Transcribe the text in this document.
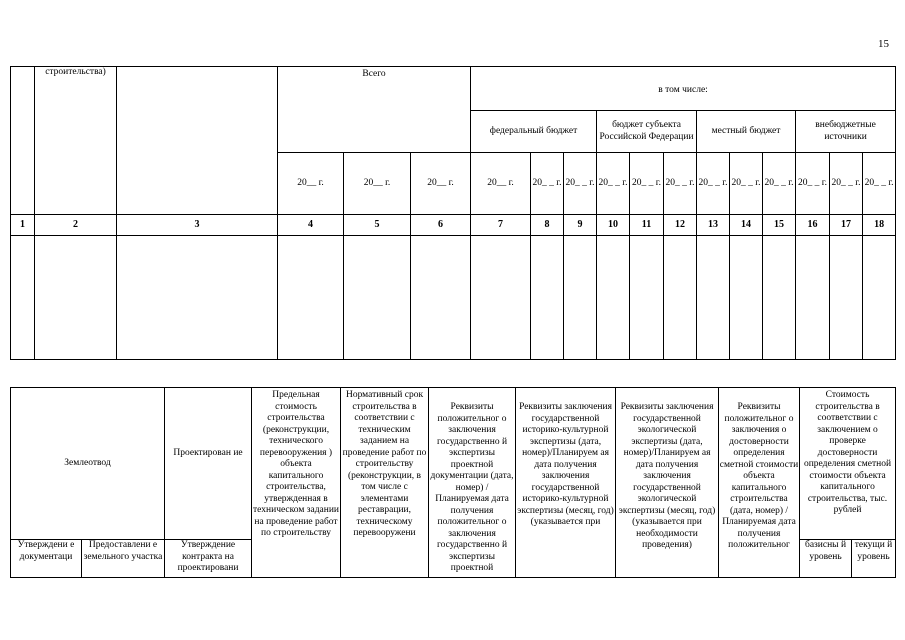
15
	строительства)		Всего			в том числе:											
						федеральный бюджет			бюджет субъекта Российской Федерации			местный бюджет			внебюджетные источники		
			20__ г.	20__ г.	20__ г.	20__ г.	20_ _ г.	20_ _ г.	20_ _ г.	20_ _ г.	20_ _ г.	20_ _ г.	20_ _ г.	20_ _ г.	20_ _ г.	20_ _ г.	20_ _ г.
1	2	3	4	5	6	7	8	9	10	11	12	13	14	15	16	17	18

Землеотвод		Проектирован ие	Предельная стоимость строительства (реконструкции, технического перевооружения ) объекта капитального строительства, утвержденная в техническом задании на проведение работ по строительству	Нормативный срок строительства в соответствии с техническим заданием на проведение работ по строительству (реконструкции, в том числе с элементами реставрации, техническому перевооружени	Реквизиты положительног о заключения государственно й экспертизы проектной документации (дата, номер) /Планируемая дата получения положительног о заключения государственно й экспертизы проектной	Реквизиты заключения государственной историко-культурной экспертизы (дата, номер)/Планируем ая дата получения заключения государственной историко-культурной экспертизы (месяц, год) (указывается при	Реквизиты заключения государственной экологической экспертизы (дата, номер)/Планируем ая дата получения заключения государственной экологической экспертизы (месяц, год) (указывается при необходимости проведения)	Реквизиты положительног о заключения о достоверности определения сметной стоимости объекта капитального строительства (дата, номер) /Планируемая дата получения положительног	Стоимость строительства в соответствии с заключением о проверке достоверности определения сметной стоимости объекта капитального строительства, тыс. рублей	
Утверждени е документаци	Предоставлени е земельного участка	Утверждение контракта на проектировани							базисны й уровень	текущи й уровень
